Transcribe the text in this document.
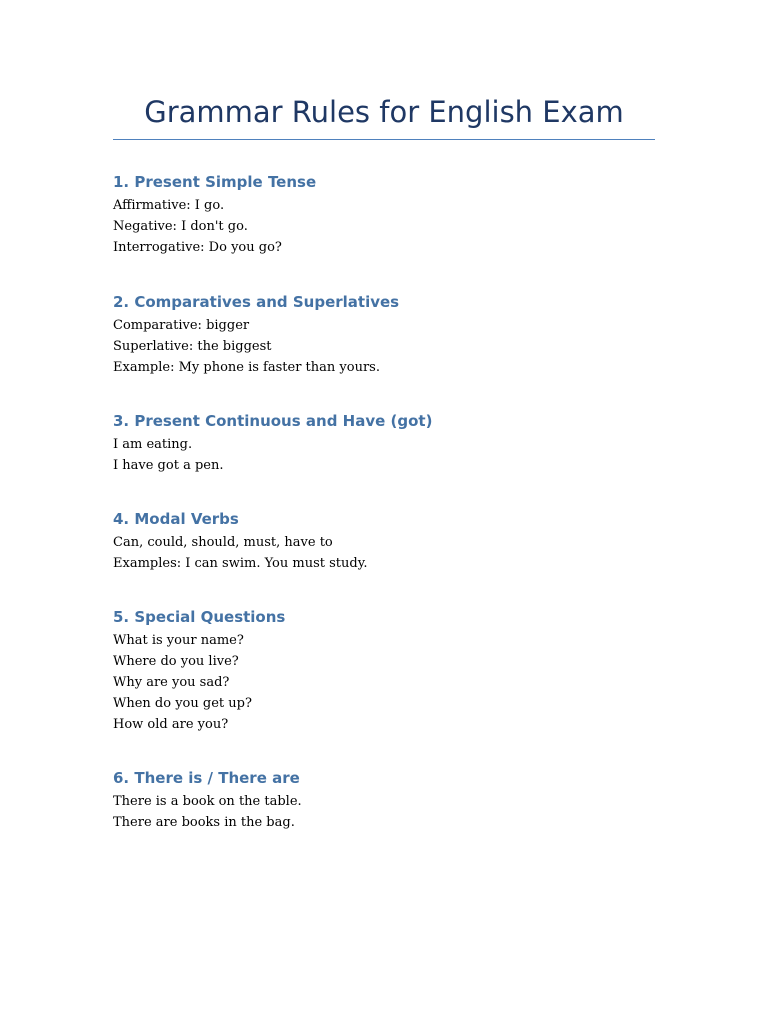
Grammar Rules for English Exam
1. Present Simple Tense
Affirmative: I go.
Negative: I don't go.
Interrogative: Do you go?
2. Comparatives and Superlatives
Comparative: bigger
Superlative: the biggest
Example: My phone is faster than yours.
3. Present Continuous and Have (got)
I am eating.
I have got a pen.
4. Modal Verbs
Can, could, should, must, have to
Examples: I can swim. You must study.
5. Special Questions
What is your name?
Where do you live?
Why are you sad?
When do you get up?
How old are you?
6. There is / There are
There is a book on the table.
There are books in the bag.
